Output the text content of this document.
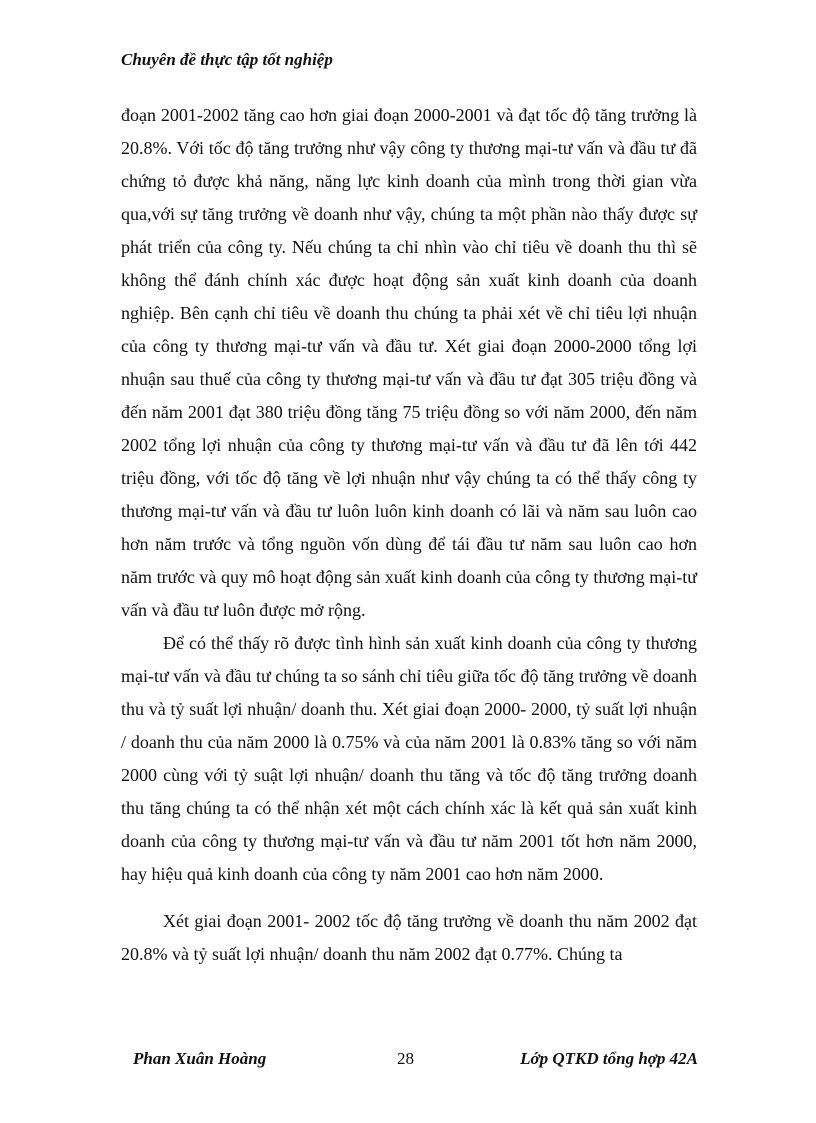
Chuyên đề thực tập tốt nghiệp

đoạn 2001-2002 tăng cao hơn giai đoạn 2000-2001 và đạt tốc độ tăng trưởng là 20.8%. Với tốc độ tăng trưởng như vậy công ty thương mại-tư vấn và đầu tư đã chứng tỏ được khả năng, năng lực kinh doanh của mình trong thời gian vừa qua,với sự tăng trưởng về doanh như vậy, chúng ta một phần nào thấy được sự phát triển của công ty. Nếu chúng ta chỉ nhìn vào chỉ tiêu về doanh thu thì sẽ không thể đánh chính xác được hoạt động sản xuất kinh doanh của doanh nghiệp. Bên cạnh chỉ tiêu về doanh thu chúng ta phải xét về chỉ tiêu lợi nhuận của công ty thương mại-tư vấn và đầu tư. Xét giai đoạn 2000-2000 tổng lợi nhuận sau thuế của công ty thương mại-tư vấn và đầu tư đạt 305 triệu đồng và đến năm 2001 đạt 380 triệu đồng tăng 75 triệu đồng so với năm 2000, đến năm 2002 tổng lợi nhuận của công ty thương mại-tư vấn và đầu tư đã lên tới 442 triệu đồng, với tốc độ tăng về lợi nhuận như vậy chúng ta có thể thấy công ty thương mại-tư vấn và đầu tư luôn luôn kinh doanh có lãi và năm sau luôn cao hơn năm trước và tổng nguồn vốn dùng để tái đầu tư năm sau luôn cao hơn năm trước và quy mô hoạt động sản xuất kinh doanh của công ty thương mại-tư vấn và đầu tư luôn được mở rộng.

Để có thể thấy rõ được tình hình sản xuất kinh doanh của công ty thương mại-tư vấn và đầu tư chúng ta so sánh chỉ tiêu giữa tốc độ tăng trưởng về doanh thu và tỷ suất lợi nhuận/ doanh thu. Xét giai đoạn 2000- 2000, tỷ suất lợi nhuận / doanh thu của năm 2000 là 0.75% và của năm 2001 là 0.83% tăng so với năm 2000 cùng với tỷ suật lợi nhuận/ doanh thu tăng và tốc độ tăng trưởng doanh thu tăng chúng ta có thể nhận xét một cách chính xác là kết quả sản xuất kinh doanh của công ty thương mại-tư vấn và đầu tư năm 2001 tốt hơn năm 2000, hay hiệu quả kinh doanh của công ty năm 2001 cao hơn năm 2000.

Xét giai đoạn 2001- 2002 tốc độ tăng trưởng về doanh thu năm 2002 đạt 20.8% và tỷ suất lợi nhuận/ doanh thu năm 2002 đạt 0.77%. Chúng ta

Phan Xuân Hoàng	28	Lớp QTKD tổng hợp 42A
